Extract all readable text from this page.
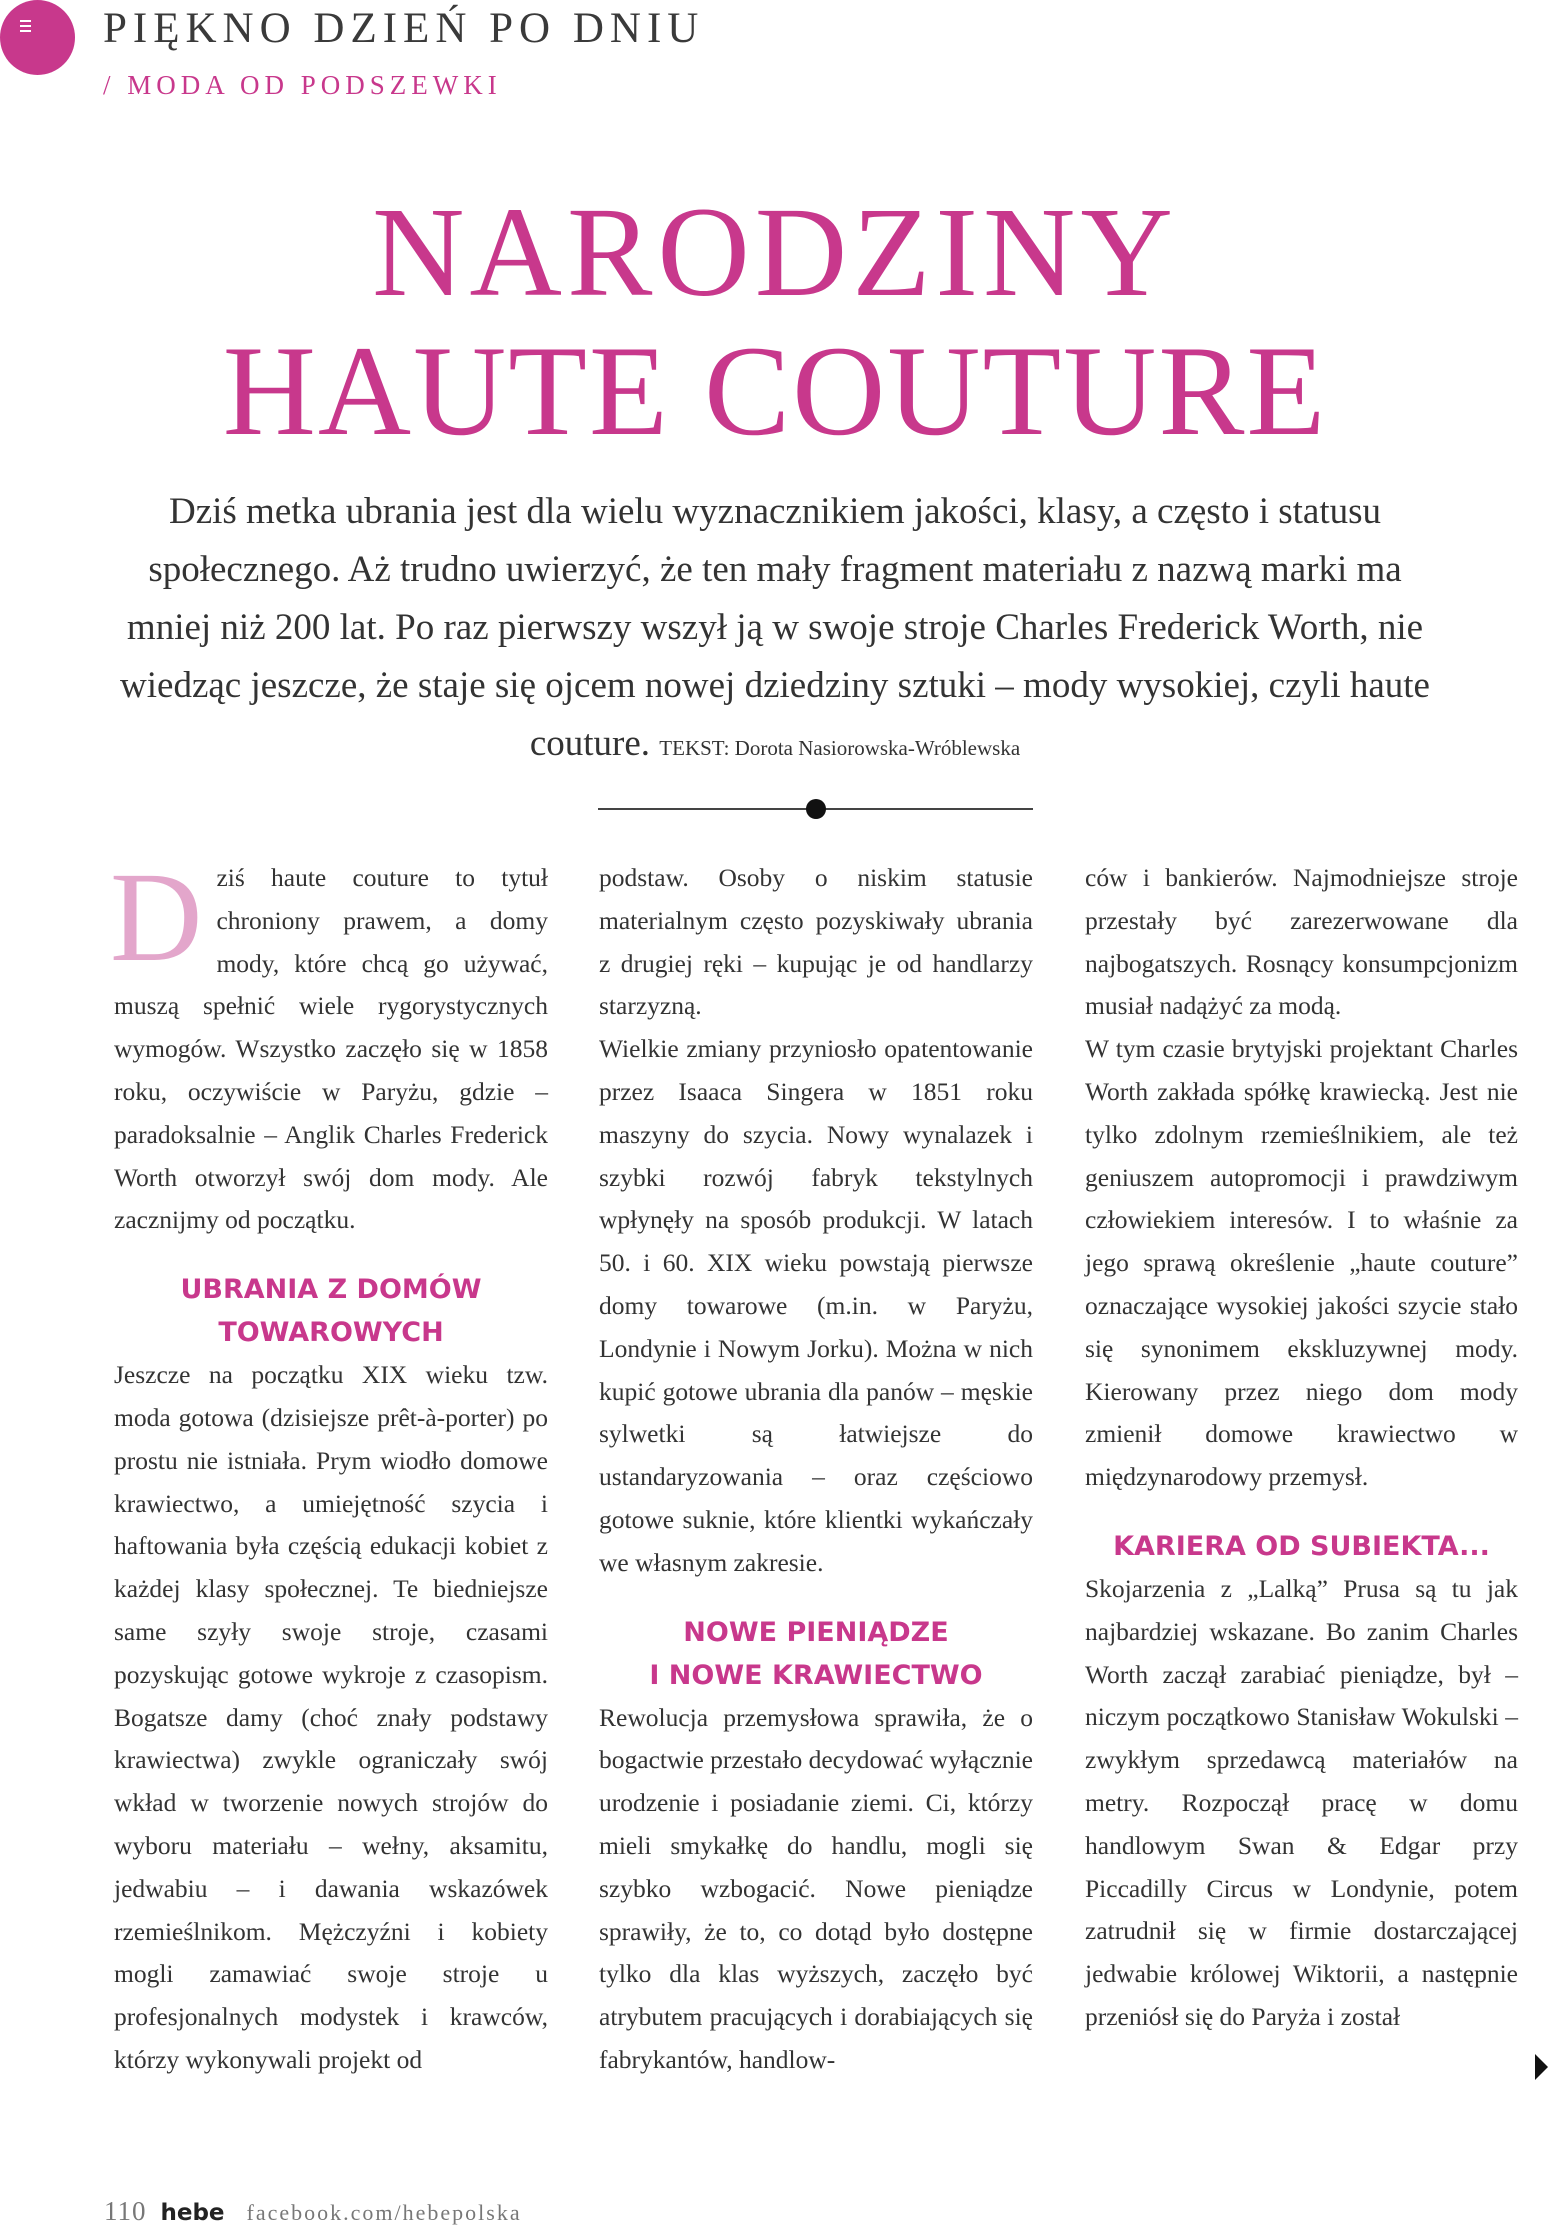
PIĘKNO DZIEŃ PO DNIU
/ MODA OD PODSZEWKI
NARODZINY
HAUTE COUTURE

Dziś metka ubrania jest dla wielu wyznacznikiem jakości, klasy, a często i statusu społecznego. Aż trudno uwierzyć, że ten mały fragment materiału z nazwą marki ma mniej niż 200 lat. Po raz pierwszy wszył ją w swoje stroje Charles Frederick Worth, nie wiedząc jeszcze, że staje się ojcem nowej dziedziny sztuki – mody wysokiej, czyli haute couture. TEKST: Dorota Nasiorowska-Wróblewska

Dziś haute couture to tytuł chroniony prawem, a domy mody, które chcą go używać, muszą spełnić wiele rygorystycznych wymogów. Wszystko zaczęło się w 1858 roku, oczywiście w Paryżu, gdzie – paradoksalnie – Anglik Charles Frederick Worth otworzył swój dom mody. Ale zacznijmy od początku.

UBRANIA Z DOMÓW
TOWAROWYCH

Jeszcze na początku XIX wieku tzw. moda gotowa (dzisiejsze prêt-à-porter) po prostu nie istniała. Prym wiodło domowe krawiectwo, a umiejętność szycia i haftowania była częścią edukacji kobiet z każdej klasy społecznej. Te biedniejsze same szyły swoje stroje, czasami pozyskując gotowe wykroje z czasopism. Bogatsze damy (choć znały podstawy krawiectwa) zwykle ograniczały swój wkład w tworzenie nowych strojów do wyboru materiału – wełny, aksamitu, jedwabiu – i dawania wskazówek rzemieślnikom. Mężczyźni i kobiety mogli zamawiać swoje stroje u profesjonalnych modystek i krawców, którzy wykonywali projekt od

podstaw. Osoby o niskim statusie materialnym często pozyskiwały ubrania z drugiej ręki – kupując je od handlarzy starzyzną.

Wielkie zmiany przyniosło opatentowanie przez Isaaca Singera w 1851 roku maszyny do szycia. Nowy wynalazek i szybki rozwój fabryk tekstylnych wpłynęły na sposób produkcji. W latach 50. i 60. XIX wieku powstają pierwsze domy towarowe (m.in. w Paryżu, Londynie i Nowym Jorku). Można w nich kupić gotowe ubrania dla panów – męskie sylwetki są łatwiejsze do ustandaryzowania – oraz częściowo gotowe suknie, które klientki wykańczały we własnym zakresie.

NOWE PIENIĄDZE
I NOWE KRAWIECTWO

Rewolucja przemysłowa sprawiła, że o bogactwie przestało decydować wyłącznie urodzenie i posiadanie ziemi. Ci, którzy mieli smykałkę do handlu, mogli się szybko wzbogacić. Nowe pieniądze sprawiły, że to, co dotąd było dostępne tylko dla klas wyższych, zaczęło być atrybutem pracujących i dorabiających się fabrykantów, handlow-

ców i bankierów. Najmodniejsze stroje przestały być zarezerwowane dla najbogatszych. Rosnący konsumpcjonizm musiał nadążyć za modą.

W tym czasie brytyjski projektant Charles Worth zakłada spółkę krawiecką. Jest nie tylko zdolnym rzemieślnikiem, ale też geniuszem autopromocji i prawdziwym człowiekiem interesów. I to właśnie za jego sprawą określenie „haute couture” oznaczające wysokiej jakości szycie stało się synonimem ekskluzywnej mody. Kierowany przez niego dom mody zmienił domowe krawiectwo w międzynarodowy przemysł.

KARIERA OD SUBIEKTA...

Skojarzenia z „Lalką” Prusa są tu jak najbardziej wskazane. Bo zanim Charles Worth zaczął zarabiać pieniądze, był – niczym początkowo Stanisław Wokulski – zwykłym sprzedawcą materiałów na metry. Rozpoczął pracę w domu handlowym Swan & Edgar przy Piccadilly Circus w Londynie, potem zatrudnił się w firmie dostarczającej jedwabie królowej Wiktorii, a następnie przeniósł się do Paryża i został

110 hebe facebook.com/hebepolska
